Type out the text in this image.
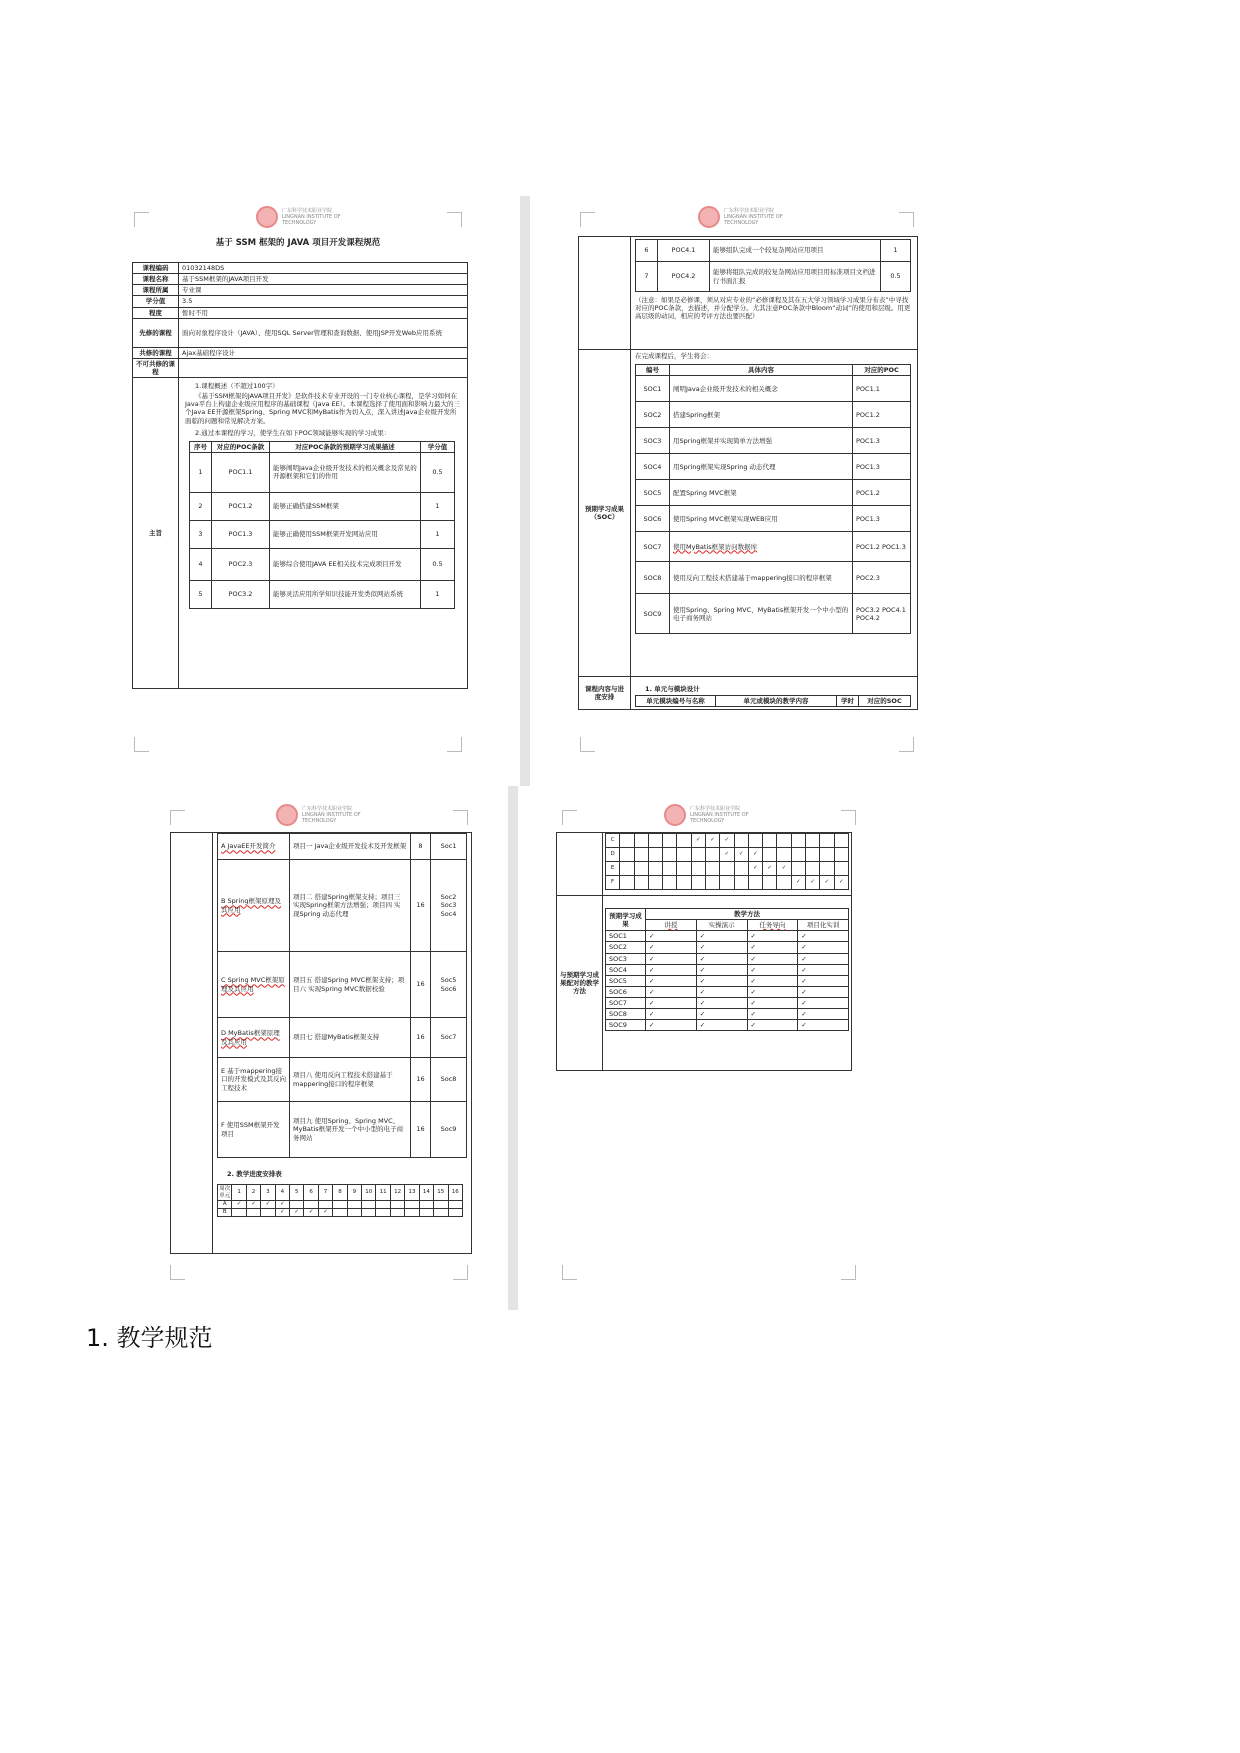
广东科学技术职业学院
LINGNAN INSTITUTE OF
TECHNOLOGY
基于 SSM 框架的 JAVA 项目开发课程规范
课程编码	01032148DS
课程名称	基于SSM框架的JAVA项目开发
课程所属	专业课
学分值	3.5
程度	暂时不用
先修的课程	面向对象程序设计（JAVA）、使用SQL Server管理和查询数据、使用JSP开发Web应用系统
共修的课程	Ajax基础程序设计
不可共修的课程	
主旨	
1.课程概述（不超过100字）
《基于SSM框架的JAVA项目开发》是软件技术专业开设的一门专业核心课程，是学习如何在Java平台上构建企业级应用程序的基础课程（Java EE）。本课程选择了使用面和影响力最大的三个Java EE开源框架Spring、Spring MVC和MyBatis作为切入点，深入讲述Java企业级开发所面临的问题和常见解决方案。
2.通过本课程的学习，使学生在如下POC领域能够实现的学习成果：
序号	对应的POC条款	对应POC条款的预期学习成果描述	学分值
1	POC1.1	能够阐明Java企业级开发技术的相关概念及常见的开源框架和它们的作用	0.5
2	POC1.2	能够正确搭建SSM框架	1
3	POC1.3	能够正确使用SSM框架开发网站应用	1
4	POC2.3	能够综合使用JAVA EE相关技术完成项目开发	0.5
5	POC3.2	能够灵活应用所学知识技能开发类似网站系统	1
广东科学技术职业学院
LINGNAN INSTITUTE OF
TECHNOLOGY

6	POC4.1	能够组队完成一个较复杂网站应用项目	1
7	POC4.2	能够将组队完成的较复杂网站应用项目用标准项目文档进行书面汇报	0.5
（注意：如果是必修课，须从对应专业的“必修课程及其在五大学习领域学习成果分布表”中寻找对应的POC条款，去描述，并分配学分。尤其注意POC条款中Bloom“动词”的使用和层级。用更高层级的动词，相应的考评方法也要匹配）

预期学习成果（SOC）	
在完成课程后，学生将会：
编号	具体内容	对应的POC
SOC1	阐明Java企业级开发技术的相关概念	POC1.1
SOC2	搭建Spring框架	POC1.2
SOC3	用Spring框架并实现简单方法增强	POC1.3
SOC4	用Spring框架实现Spring 动态代理	POC1.3
SOC5	配置Spring MVC框架	POC1.2
SOC6	使用Spring MVC框架实现WEB应用	POC1.3
SOC7	使用MyBatis框架访问数据库	POC1.2 POC1.3
SOC8	使用反向工程技术搭建基于mappering接口的程序框架	POC2.3
SOC9	使用Spring、Spring MVC、MyBatis框架开发一个中小型的电子商务网站	POC3.2 POC4.1 POC4.2

课程内容与进度安排	
1. 单元与模块设计
单元模块编号与名称	单元或模块的教学内容	学时	对应的SOC
广东科学技术职业学院
LINGNAN INSTITUTE OF
TECHNOLOGY

A JavaEE开发简介	项目一 Java企业级开发技术及开发框架	8	Soc1
B Spring框架原理及其应用	项目二 搭建Spring框架支持；项目三 实现Spring框架方法增强；项目四 实现Spring 动态代理	16	Soc2 Soc3 Soc4
C Spring MVC框架原理及其应用	项目五 搭建Spring MVC框架支持；项目六 实现Spring MVC数据校验	16	Soc5 Soc6
D MyBatis框架原理及其应用	项目七 搭建MyBatis框架支持	16	Soc7
E 基于mappering接口的开发模式及其反向工程技术	项目八 使用反向工程技术搭建基于mappering接口的程序框架	16	Soc8
F 使用SSM框架开发项目	项目九 使用Spring、Spring MVC、MyBatis框架开发一个中小型的电子商务网站	16	Soc9
2. 教学进度安排表
周次 单元	1	2	3	4	5	6	7	8	9	10	11	12	13	14	15	16
A	✓	✓	✓	✓												
B				✓	✓	✓	✓									
广东科学技术职业学院
LINGNAN INSTITUTE OF
TECHNOLOGY

C						✓	✓	✓								
D								✓	✓	✓						
E										✓	✓	✓				
F													✓	✓	✓	✓

与预期学习成果配对的教学方法	
预期学习成果	教学方法
讲授	实操演示	任务导向	项目化实训
SOC1	✓	✓	✓	✓
SOC2	✓	✓	✓	✓
SOC3	✓	✓	✓	✓
SOC4	✓	✓	✓	✓
SOC5	✓	✓	✓	✓
SOC6	✓	✓	✓	✓
SOC7	✓	✓	✓	✓
SOC8	✓	✓	✓	✓
SOC9	✓	✓	✓	✓
1. 教学规范
